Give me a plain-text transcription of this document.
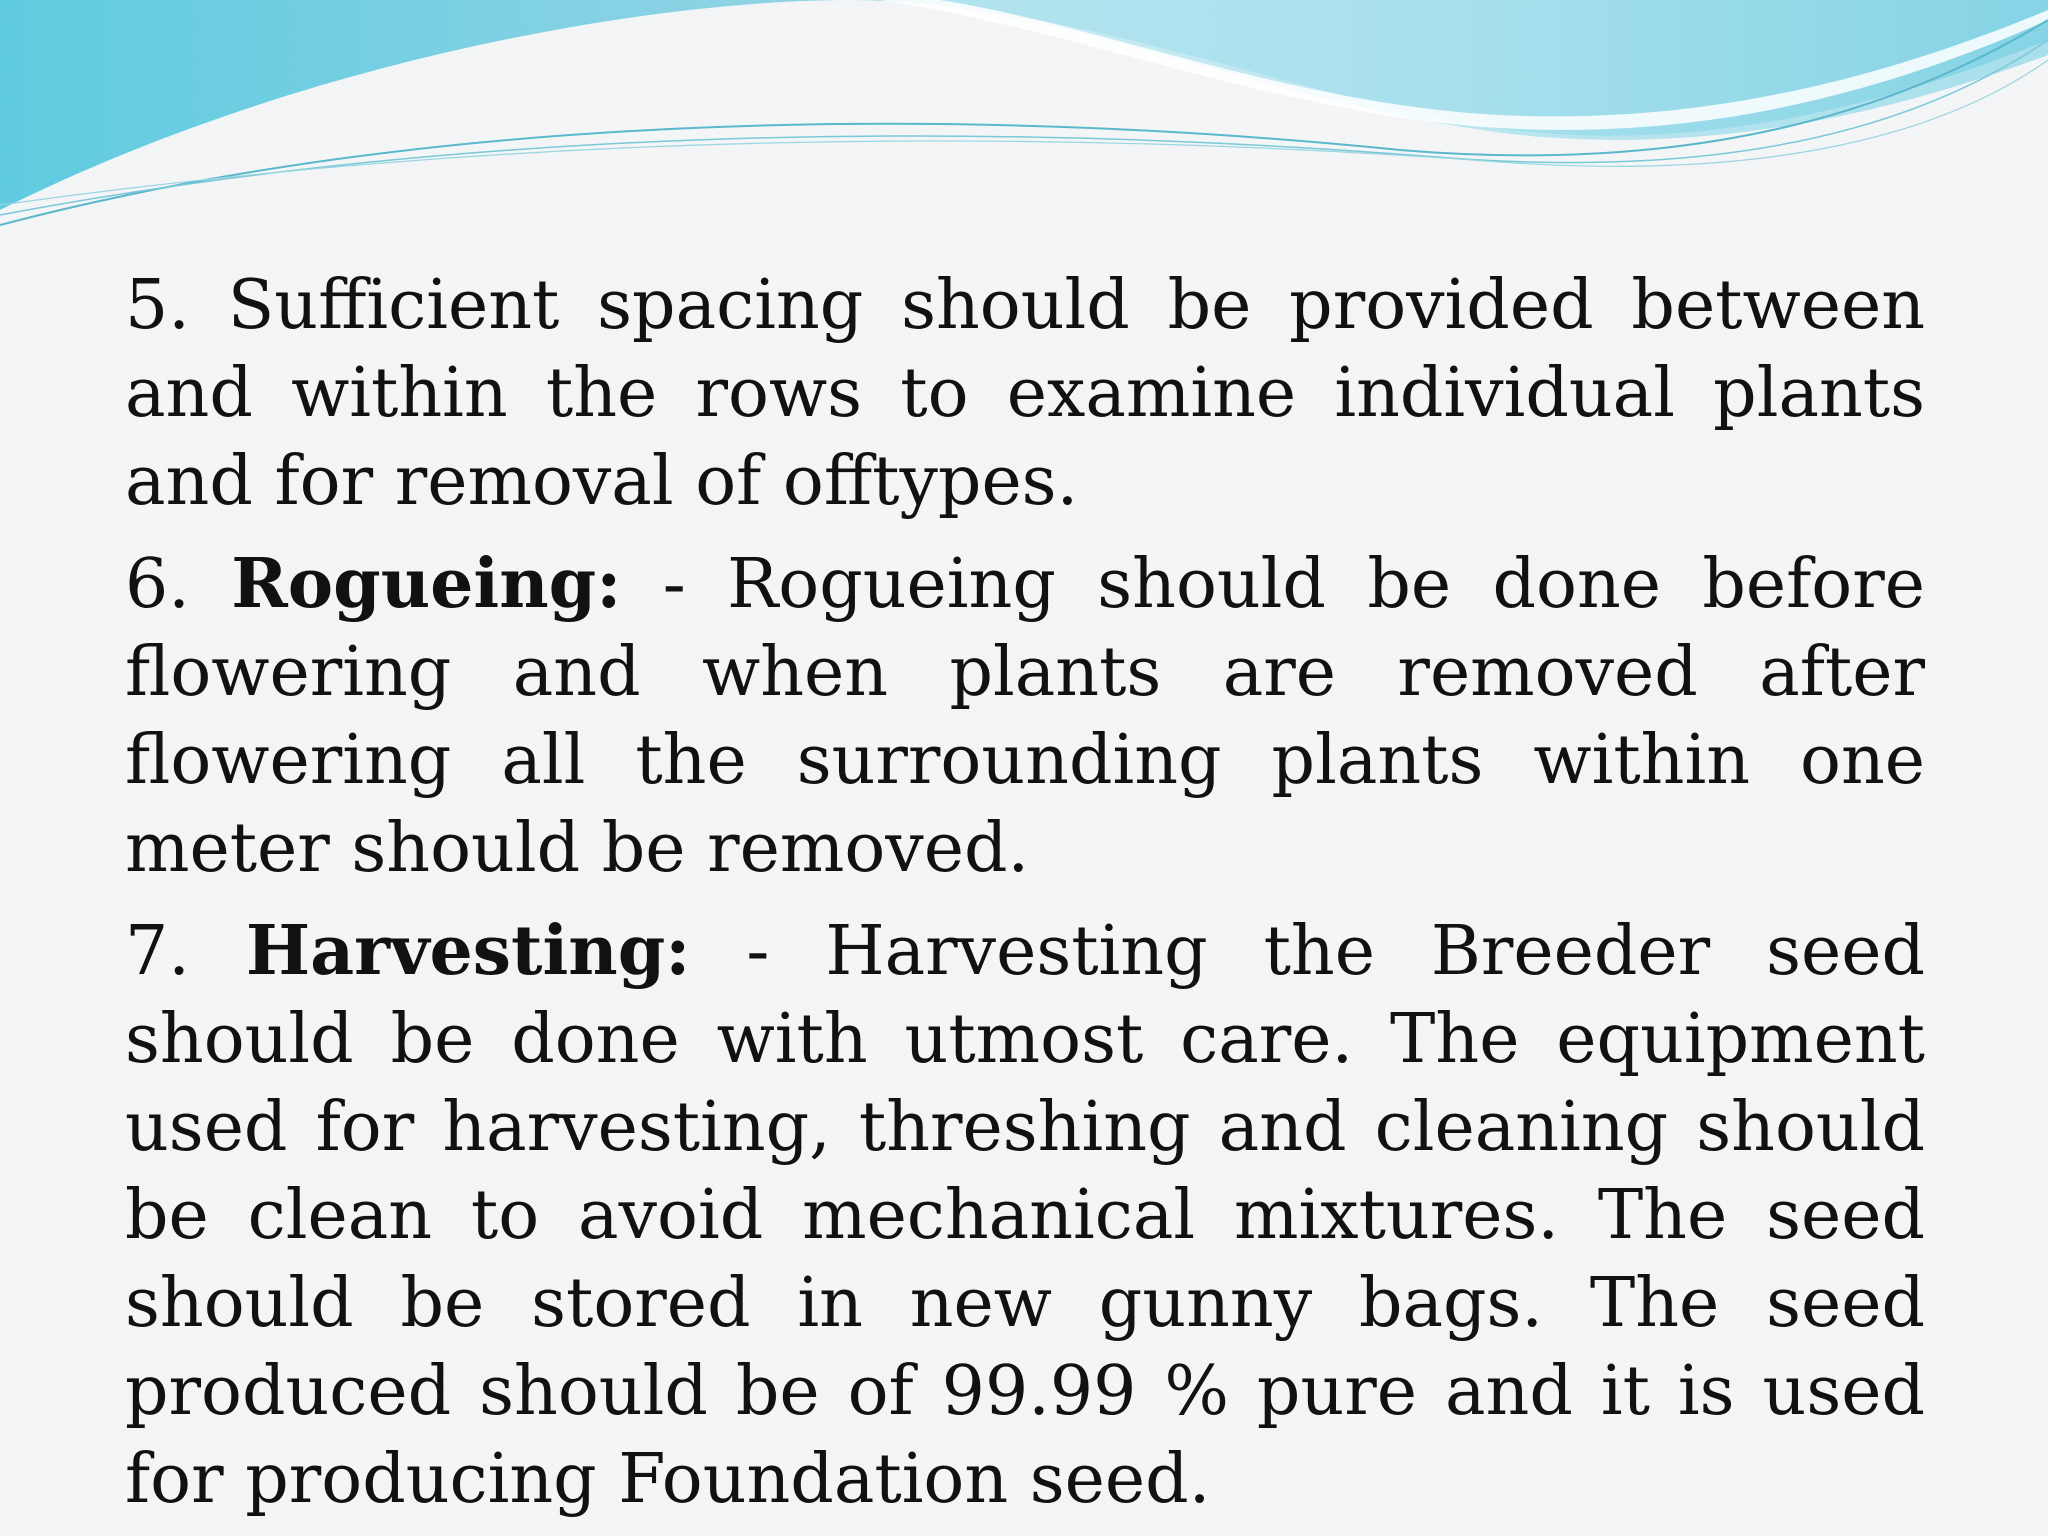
5. Sufficient spacing should be provided between and within the rows to examine individual plants and for removal of offtypes.

6. Rogueing: - Rogueing should be done before flowering and when plants are removed after flowering all the surrounding plants within one meter should be removed.

7. Harvesting: - Harvesting the Breeder seed should be done with utmost care. The equipment used for harvesting, threshing and cleaning should be clean to avoid mechanical mixtures. The seed should be stored in new gunny bags. The seed produced should be of 99.99 % pure and it is used for producing Foundation seed.
